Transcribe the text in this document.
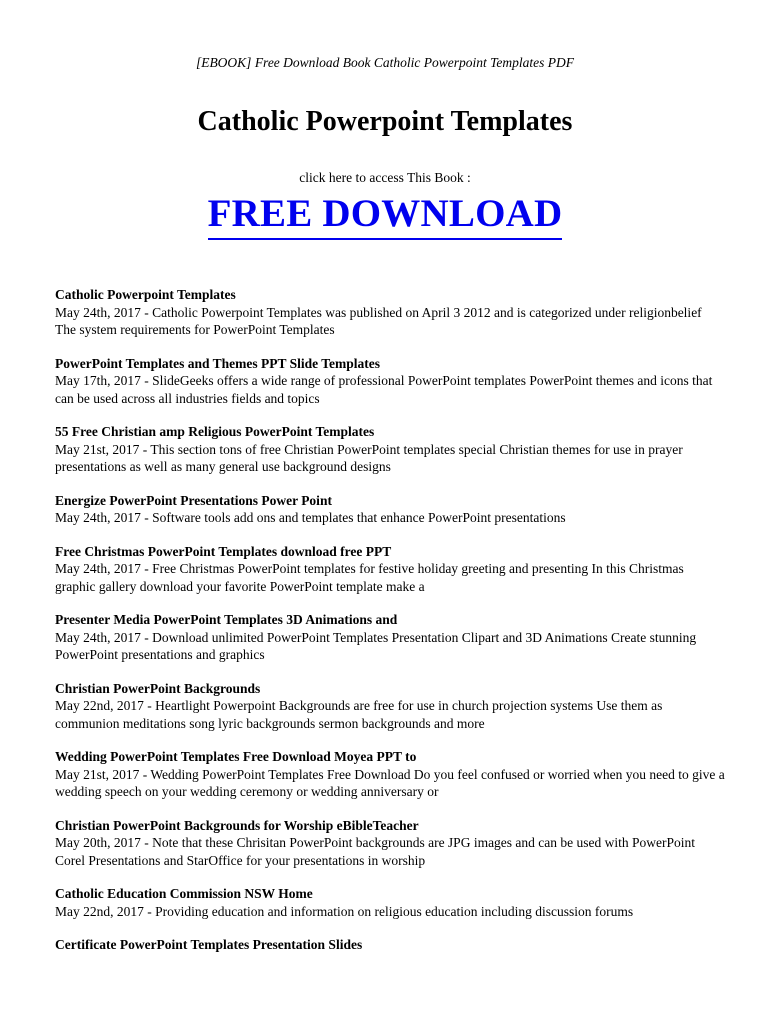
[EBOOK] Free Download Book Catholic Powerpoint Templates PDF
Catholic Powerpoint Templates
click here to access This Book :
FREE DOWNLOAD
Catholic Powerpoint Templates
May 24th, 2017 - Catholic Powerpoint Templates was published on April 3 2012 and is categorized under religionbelief The system requirements for PowerPoint Templates
PowerPoint Templates and Themes PPT Slide Templates
May 17th, 2017 - SlideGeeks offers a wide range of professional PowerPoint templates PowerPoint themes and icons that can be used across all industries fields and topics
55 Free Christian amp Religious PowerPoint Templates
May 21st, 2017 - This section tons of free Christian PowerPoint templates special Christian themes for use in prayer presentations as well as many general use background designs
Energize PowerPoint Presentations Power Point
May 24th, 2017 - Software tools add ons and templates that enhance PowerPoint presentations
Free Christmas PowerPoint Templates download free PPT
May 24th, 2017 - Free Christmas PowerPoint templates for festive holiday greeting and presenting In this Christmas graphic gallery download your favorite PowerPoint template make a
Presenter Media PowerPoint Templates 3D Animations and
May 24th, 2017 - Download unlimited PowerPoint Templates Presentation Clipart and 3D Animations Create stunning PowerPoint presentations and graphics
Christian PowerPoint Backgrounds
May 22nd, 2017 - Heartlight Powerpoint Backgrounds are free for use in church projection systems Use them as communion meditations song lyric backgrounds sermon backgrounds and more
Wedding PowerPoint Templates Free Download Moyea PPT to
May 21st, 2017 - Wedding PowerPoint Templates Free Download Do you feel confused or worried when you need to give a wedding speech on your wedding ceremony or wedding anniversary or
Christian PowerPoint Backgrounds for Worship eBibleTeacher
May 20th, 2017 - Note that these Chrisitan PowerPoint backgrounds are JPG images and can be used with PowerPoint Corel Presentations and StarOffice for your presentations in worship
Catholic Education Commission NSW Home
May 22nd, 2017 - Providing education and information on religious education including discussion forums
Certificate PowerPoint Templates Presentation Slides
